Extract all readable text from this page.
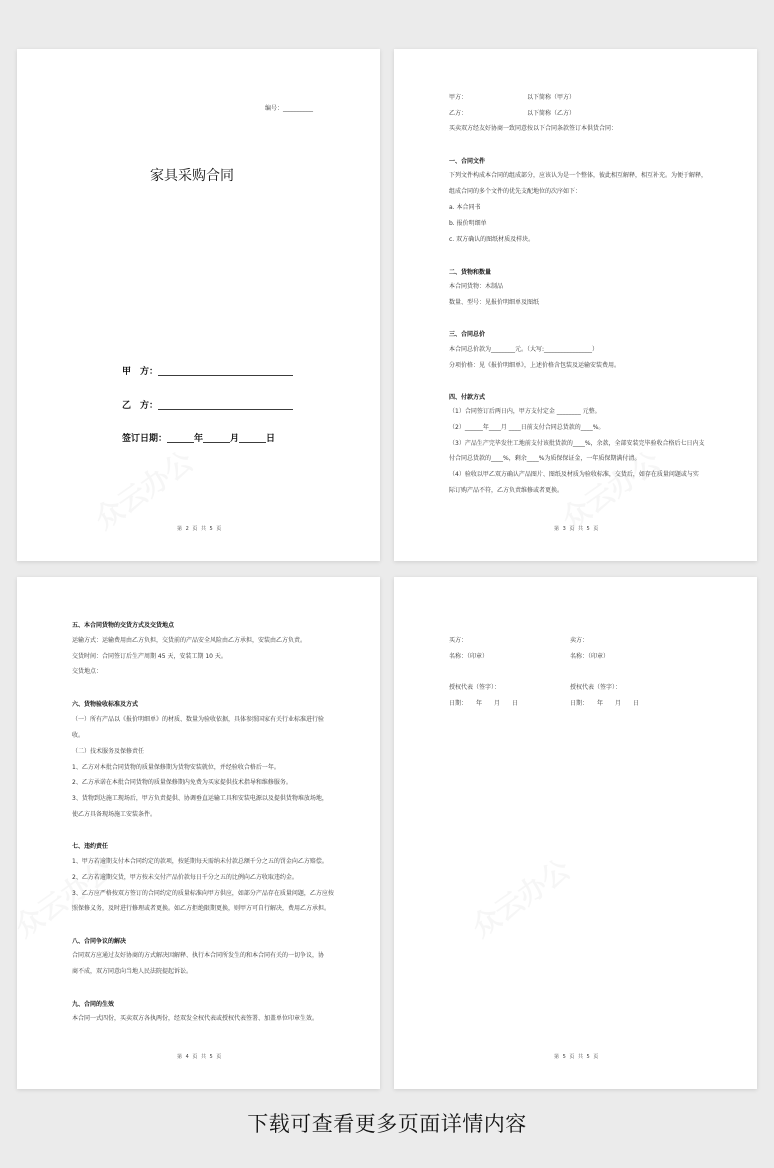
编号：__________
家具采购合同
甲　方：______________________________
乙　方：______________________________
签订日期：______年______月______日
第 2 页 共 5 页
甲方：	以下简称（甲方）
乙方：	以下简称（乙方）
买卖双方经友好协商一致同意按以下合同条款签订本供货合同：
一、合同文件
下列文件构成本合同的组成部分，应该认为是一个整体，彼此相互解释，相互补充。为便于解释，
组成合同的多个文件的优先支配地位的次序如下：
a. 本合同书
b. 报价明细单
c. 双方确认的图纸材质及样块。
二、货物和数量
本合同货物：木制品
数量、型号：见报价明细单及图纸
三、合同总价
本合同总价款为________元。（大写:________________）
分项价格：见《报价明细单》，上述价格含包装及运输安装费用。
四、付款方式
（1）合同签订后两日内，甲方支付定金 ________ 元整。
（2）______年____月 ____日前支付合同总货款的____%。
（3）产品生产完毕发往工地前支付该批货款的____%，余款，全部安装完毕验收合格后七日内支
付合同总货款的____%，剩余____%为质保保证金，一年质保期满付清。
（4）验收以甲乙双方确认产品图片、图纸及材质为验收标准，交货后，如存在质量问题或与实
际订购产品不符，乙方负责维修或者更换。
第 3 页 共 5 页
五、本合同货物的交货方式及交货地点
运输方式：运输费用由乙方负担，交货前的产品安全风险由乙方承担，安装由乙方负责。
交货时间：合同签订后生产周期 45 天，安装工期 10 天。
交货地点：
六、货物验收标准及方式
（一）所有产品以《报价明细单》的材质、数量为验收依据，具体参照国家有关行业标准进行验
收。
（二）技术服务及保修责任
1、乙方对本批合同货物的质量保修期为货物安装就位，并经验收合格后一年。
2、乙方承诺在本批合同货物的质量保修期内免费为买家提供技术指导和维修服务。
3、货物到达施工现场后，甲方负责提供、协调垂直运输工具和安装电源以及提供货物堆放场地，
使乙方具备现场施工安装条件。
七、违约责任
1、甲方若逾期支付本合同约定的款项，按延期每天需纳未付款总额千分之五的罚金向乙方赔偿。
2、乙方若逾期交货，甲方按未交付产品价款每日千分之五的比例向乙方收取违约金。
3、乙方应严格按双方签订的合同约定的质量标准向甲方供应，如部分产品存在质量问题，乙方应按
照保修义务，及时进行修理或者更换。如乙方拒绝限期更换，则甲方可自行解决，费用乙方承担。
八、合同争议的解决
合同双方应通过友好协商的方式解决因解释、执行本合同所发生的和本合同有关的一切争议，协
商不成，双方同意向当地人民法院提起诉讼。
九、合同的生效
本合同一式四份，买卖双方各执两份，经双发全权代表或授权代表签署、加盖单位印章生效。
第 4 页 共 5 页
买方：	卖方：
名称：（印章）	名称：（印章）
授权代表（签字）：	授权代表（签字）：
日期：　　年　　月　　日	日期：　　年　　月　　日
第 5 页 共 5 页
下载可查看更多页面详情内容
